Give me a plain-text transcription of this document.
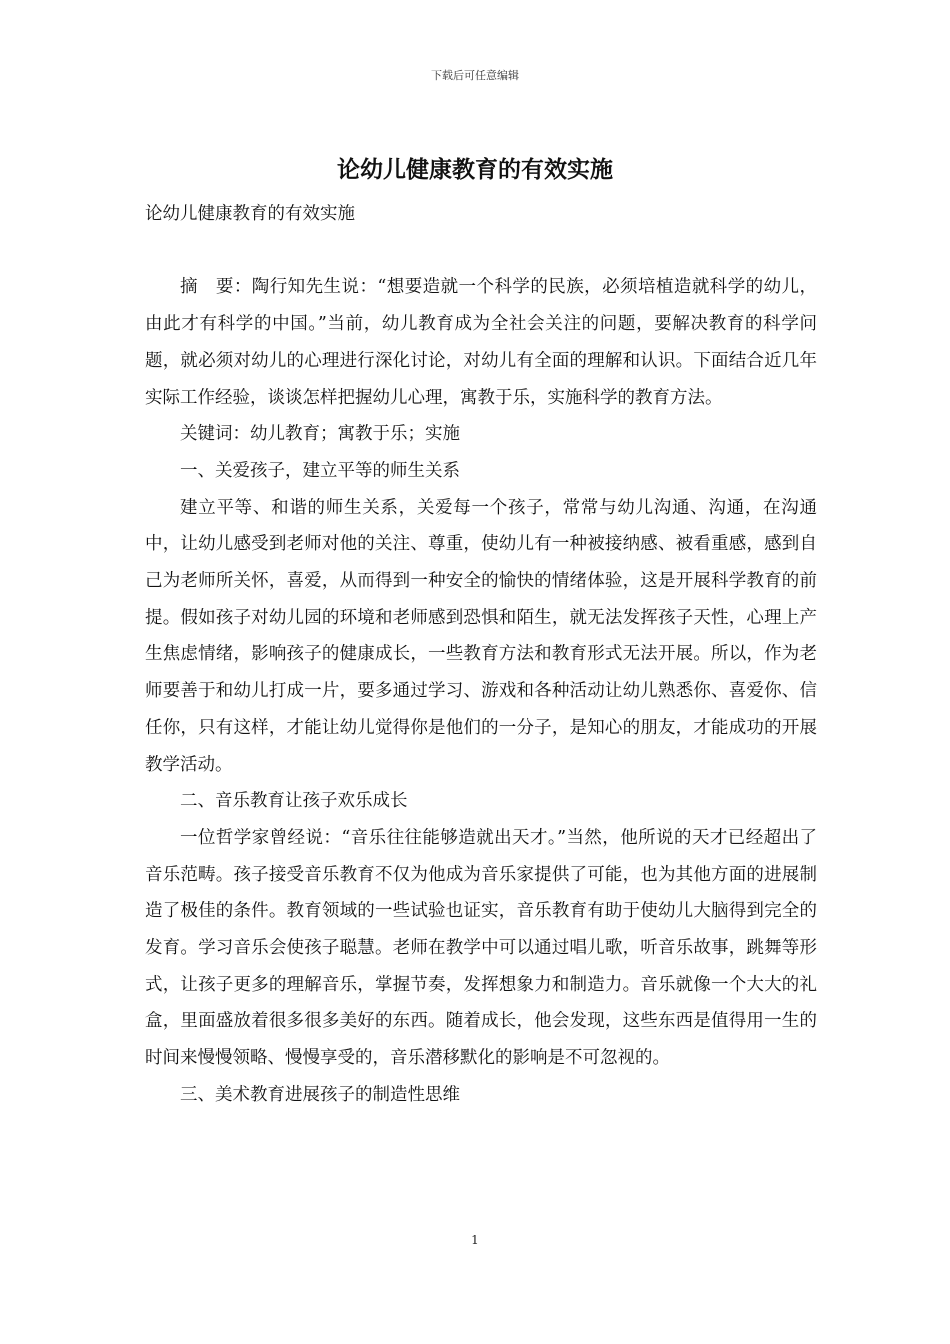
下载后可任意编辑
论幼儿健康教育的有效实施

论幼儿健康教育的有效实施

摘　要：陶行知先生说：“想要造就一个科学的民族，必须培植造就科学的幼儿，由此才有科学的中国。”当前，幼儿教育成为全社会关注的问题，要解决教育的科学问题，就必须对幼儿的心理进行深化讨论，对幼儿有全面的理解和认识。下面结合近几年实际工作经验，谈谈怎样把握幼儿心理，寓教于乐，实施科学的教育方法。

关键词：幼儿教育；寓教于乐；实施

一、关爱孩子，建立平等的师生关系

建立平等、和谐的师生关系，关爱每一个孩子，常常与幼儿沟通、沟通，在沟通中，让幼儿感受到老师对他的关注、尊重，使幼儿有一种被接纳感、被看重感，感到自己为老师所关怀，喜爱，从而得到一种安全的愉快的情绪体验，这是开展科学教育的前提。假如孩子对幼儿园的环境和老师感到恐惧和陌生，就无法发挥孩子天性，心理上产生焦虑情绪，影响孩子的健康成长，一些教育方法和教育形式无法开展。所以，作为老师要善于和幼儿打成一片，要多通过学习、游戏和各种活动让幼儿熟悉你、喜爱你、信任你，只有这样，才能让幼儿觉得你是他们的一分子，是知心的朋友，才能成功的开展教学活动。

二、音乐教育让孩子欢乐成长

一位哲学家曾经说：“音乐往往能够造就出天才。”当然，他所说的天才已经超出了音乐范畴。孩子接受音乐教育不仅为他成为音乐家提供了可能，也为其他方面的进展制造了极佳的条件。教育领域的一些试验也证实，音乐教育有助于使幼儿大脑得到完全的发育。学习音乐会使孩子聪慧。老师在教学中可以通过唱儿歌，听音乐故事，跳舞等形式，让孩子更多的理解音乐，掌握节奏，发挥想象力和制造力。音乐就像一个大大的礼盒，里面盛放着很多很多美好的东西。随着成长，他会发现，这些东西是值得用一生的时间来慢慢领略、慢慢享受的，音乐潜移默化的影响是不可忽视的。

三、美术教育进展孩子的制造性思维

1
